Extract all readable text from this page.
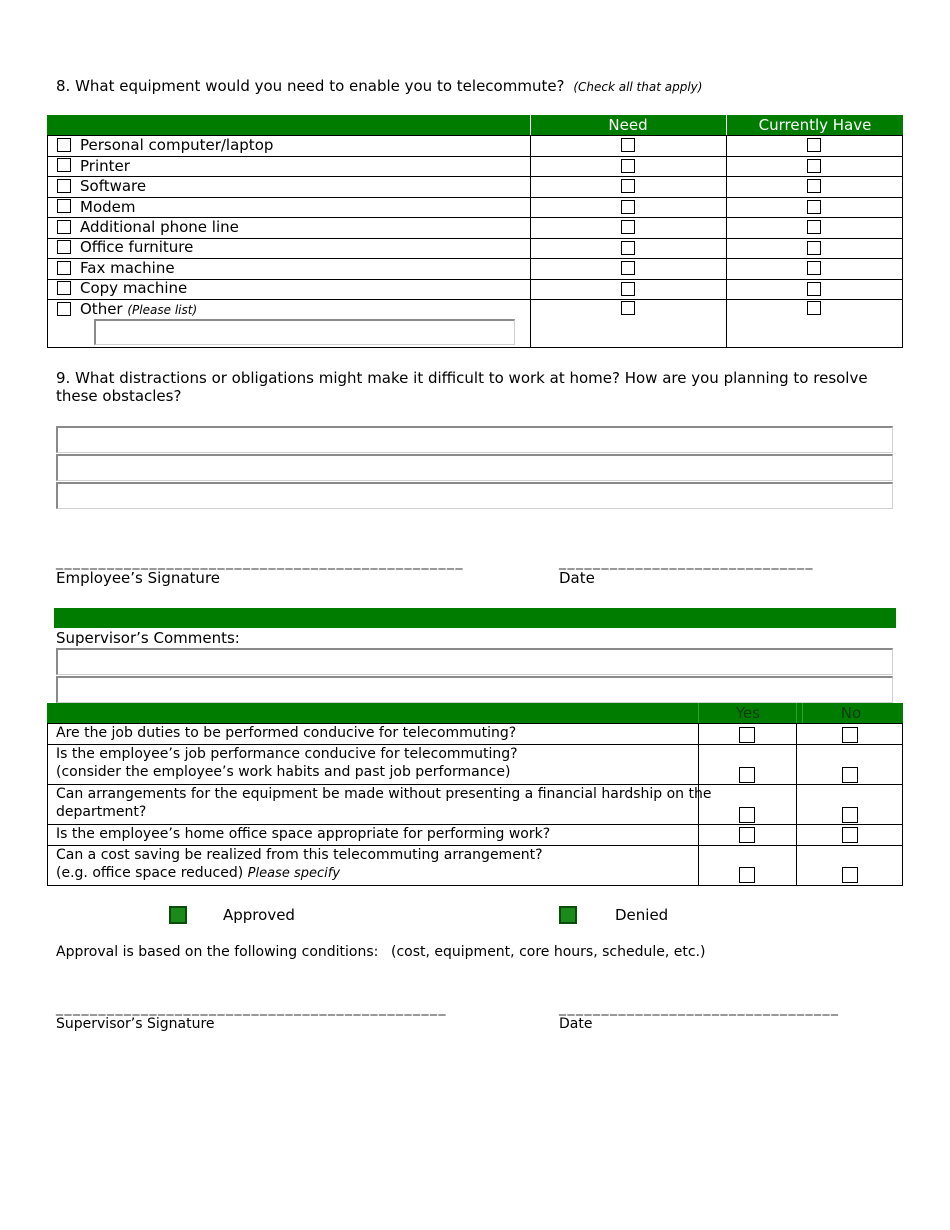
8. What equipment would you need to enable you to telecommute? (Check all that apply)
Need	Currently Have
Personal computer/laptop
Printer
Software
Modem
Additional phone line
Office furniture
Fax machine
Copy machine
Other (Please list)
9. What distractions or obligations might make it difficult to work at home? How are you planning to resolve these obstacles?
________________________________________________	______________________________
Employee’s Signature	Date
Supervisor’s Comments:
Yes	No
Are the job duties to be performed conducive for telecommuting?
Is the employee’s job performance conducive for telecommuting?
(consider the employee’s work habits and past job performance)
Can arrangements for the equipment be made without presenting a financial hardship on the
department?
Is the employee’s home office space appropriate for performing work?
Can a cost saving be realized from this telecommuting arrangement?
(e.g. office space reduced) Please specify
Approved	Denied
Approval is based on the following conditions: (cost, equipment, core hours, schedule, etc.)
______________________________________________	_________________________________
Supervisor’s Signature	Date
